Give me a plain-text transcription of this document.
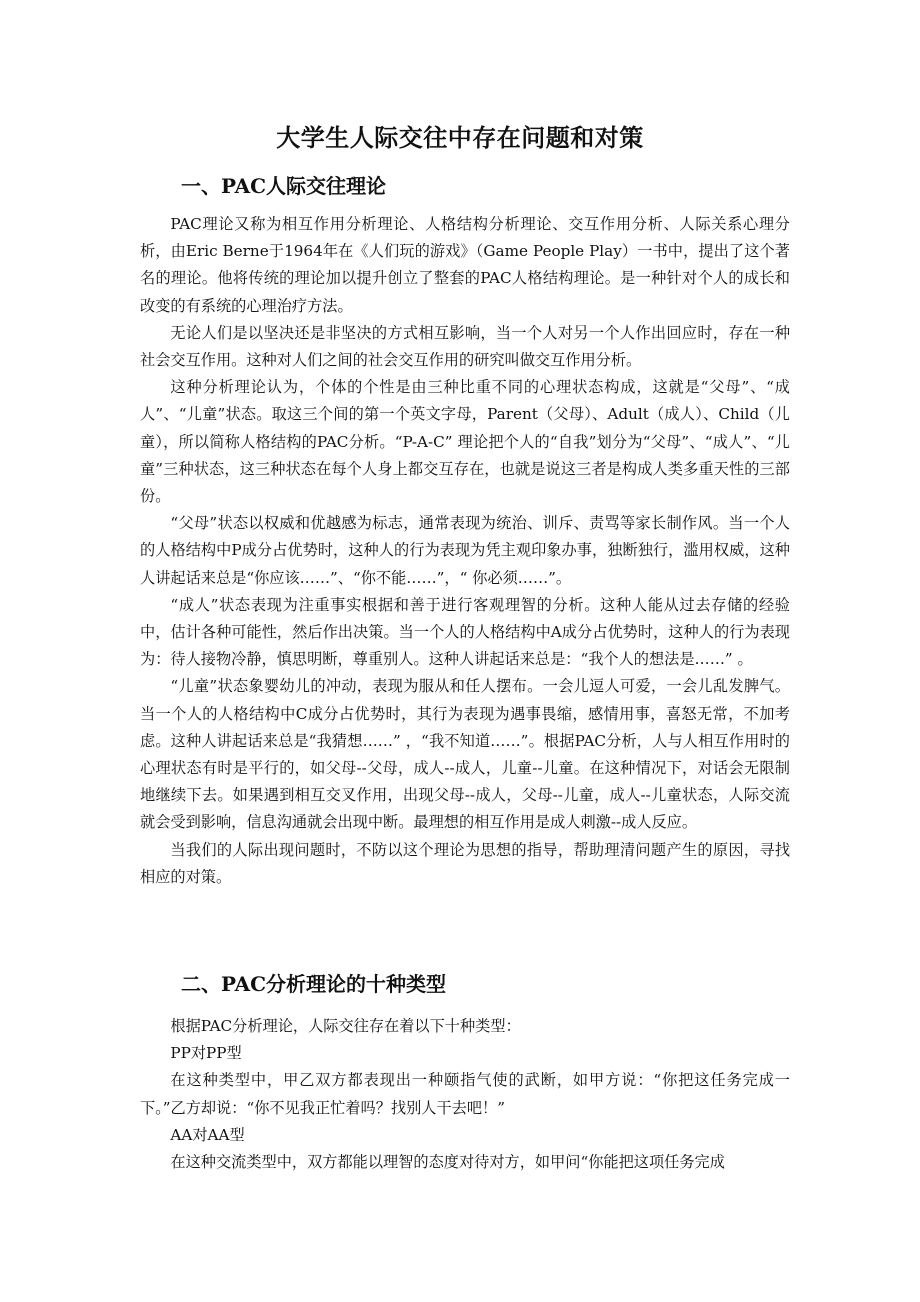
大学生人际交往中存在问题和对策
一、PAC人际交往理论

PAC理论又称为相互作用分析理论、人格结构分析理论、交互作用分析、人际关系心理分析，由Eric Berne于1964年在《人们玩的游戏》（Game People Play）一书中，提出了这个著名的理论。他将传统的理论加以提升创立了整套的PAC人格结构理论。是一种针对个人的成长和改变的有系统的心理治疗方法。

无论人们是以坚决还是非坚决的方式相互影响，当一个人对另一个人作出回应时，存在一种社会交互作用。这种对人们之间的社会交互作用的研究叫做交互作用分析。

这种分析理论认为，个体的个性是由三种比重不同的心理状态构成，这就是“父母”、“成人”、“儿童”状态。取这三个间的第一个英文字母，Parent（父母）、Adult（成人）、Child（儿童），所以简称人格结构的PAC分析。“P-A-C” 理论把个人的“自我”划分为“父母”、“成人”、“儿童”三种状态，这三种状态在每个人身上都交互存在，也就是说这三者是构成人类多重天性的三部份。

“父母”状态以权威和优越感为标志，通常表现为统治、训斥、责骂等家长制作风。当一个人的人格结构中P成分占优势时，这种人的行为表现为凭主观印象办事，独断独行，滥用权威，这种人讲起话来总是“你应该……”、“你不能……”，“ 你必须……”。

“成人”状态表现为注重事实根据和善于进行客观理智的分析。这种人能从过去存储的经验中，估计各种可能性，然后作出决策。当一个人的人格结构中A成分占优势时，这种人的行为表现为：待人接物冷静，慎思明断，尊重别人。这种人讲起话来总是：“我个人的想法是……” 。

“儿童”状态象婴幼儿的冲动，表现为服从和任人摆布。一会儿逗人可爱，一会儿乱发脾气。当一个人的人格结构中C成分占优势时，其行为表现为遇事畏缩，感情用事，喜怒无常，不加考虑。这种人讲起话来总是“我猜想……” ，“我不知道……”。根据PAC分析，人与人相互作用时的心理状态有时是平行的，如父母--父母，成人--成人，儿童--儿童。在这种情况下，对话会无限制地继续下去。如果遇到相互交叉作用，出现父母--成人，父母--儿童，成人--儿童状态，人际交流就会受到影响，信息沟通就会出现中断。最理想的相互作用是成人刺激--成人反应。

当我们的人际出现问题时，不防以这个理论为思想的指导，帮助理清问题产生的原因，寻找相应的对策。

二、PAC分析理论的十种类型

根据PAC分析理论，人际交往存在着以下十种类型：

PP对PP型

在这种类型中，甲乙双方都表现出一种颐指气使的武断，如甲方说：“你把这任务完成一下。”乙方却说：“你不见我正忙着吗？找别人干去吧！”

AA对AA型

在这种交流类型中，双方都能以理智的态度对待对方，如甲问“你能把这项任务完成
